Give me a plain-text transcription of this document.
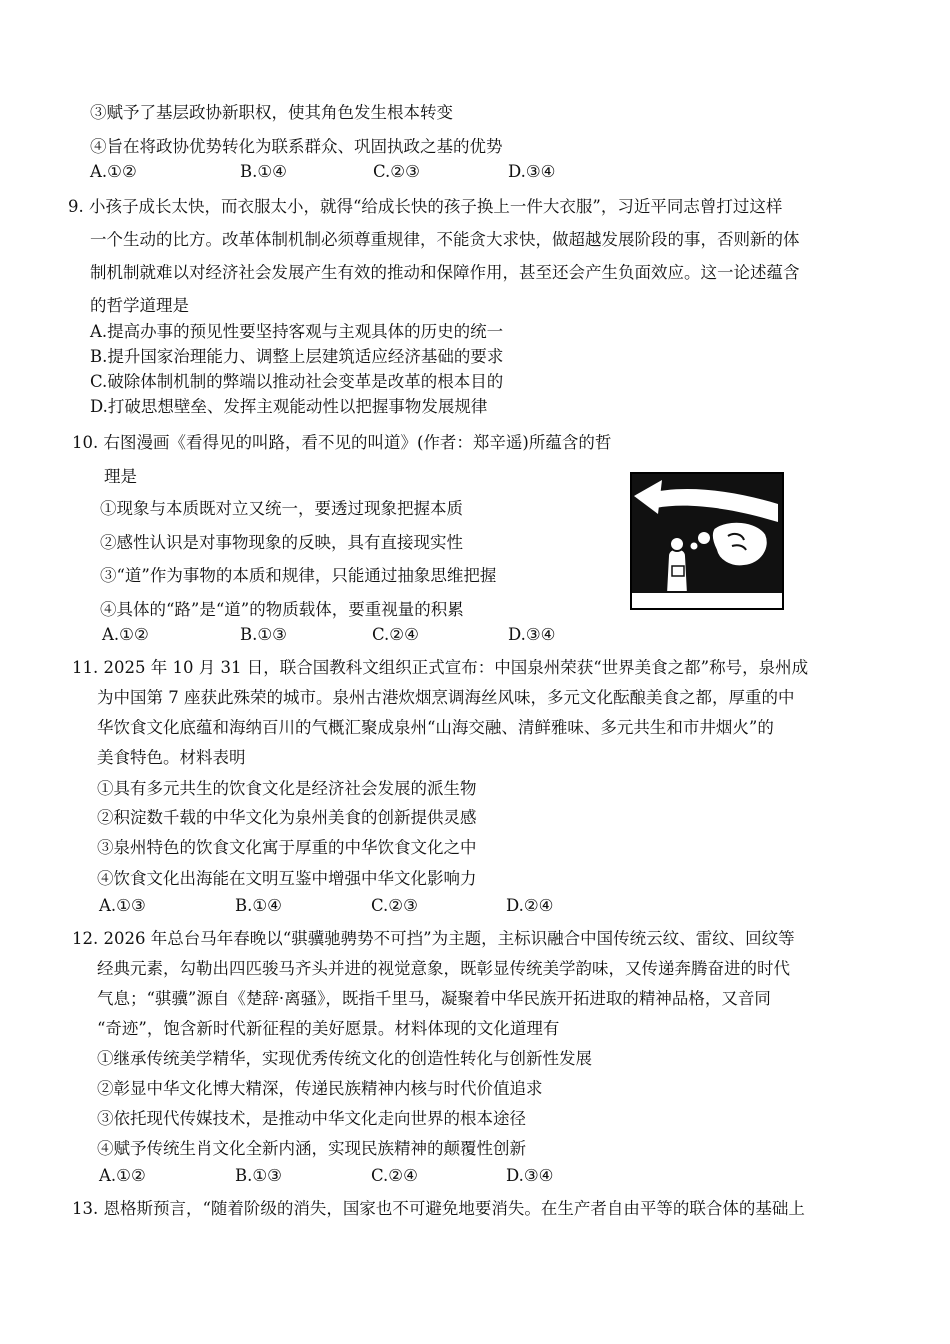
③赋予了基层政协新职权，使其角色发生根本转变
④旨在将政协优势转化为联系群众、巩固执政之基的优势
A.①②	B.①④	C.②③	D.③④
9. 小孩子成长太快，而衣服太小，就得“给成长快的孩子换上一件大衣服”，习近平同志曾打过这样
一个生动的比方。改革体制机制必须尊重规律，不能贪大求快，做超越发展阶段的事，否则新的体
制机制就难以对经济社会发展产生有效的推动和保障作用，甚至还会产生负面效应。这一论述蕴含
的哲学道理是
A.提高办事的预见性要坚持客观与主观具体的历史的统一
B.提升国家治理能力、调整上层建筑适应经济基础的要求
C.破除体制机制的弊端以推动社会变革是改革的根本目的
D.打破思想壁垒、发挥主观能动性以把握事物发展规律
10. 右图漫画《看得见的叫路，看不见的叫道》(作者：郑辛遥)所蕴含的哲
理是
①现象与本质既对立又统一，要透过现象把握本质
②感性认识是对事物现象的反映，具有直接现实性
③“道”作为事物的本质和规律，只能通过抽象思维把握
④具体的“路”是“道”的物质载体，要重视量的积累
A.①②	B.①③	C.②④	D.③④
11. 2025 年 10 月 31 日，联合国教科文组织正式宣布：中国泉州荣获“世界美食之都”称号，泉州成
为中国第 7 座获此殊荣的城市。泉州古港炊烟烹调海丝风味，多元文化酝酿美食之都，厚重的中
华饮食文化底蕴和海纳百川的气概汇聚成泉州“山海交融、清鲜雅味、多元共生和市井烟火”的
美食特色。材料表明
①具有多元共生的饮食文化是经济社会发展的派生物
②积淀数千载的中华文化为泉州美食的创新提供灵感
③泉州特色的饮食文化寓于厚重的中华饮食文化之中
④饮食文化出海能在文明互鉴中增强中华文化影响力
A.①③	B.①④	C.②③	D.②④
12. 2026 年总台马年春晚以“骐骥驰骋势不可挡”为主题，主标识融合中国传统云纹、雷纹、回纹等
经典元素，勾勒出四匹骏马齐头并进的视觉意象，既彰显传统美学韵味，又传递奔腾奋进的时代
气息；“骐骥”源自《楚辞·离骚》，既指千里马，凝聚着中华民族开拓进取的精神品格，又音同
“奇迹”，饱含新时代新征程的美好愿景。材料体现的文化道理有
①继承传统美学精华，实现优秀传统文化的创造性转化与创新性发展
②彰显中华文化博大精深，传递民族精神内核与时代价值追求
③依托现代传媒技术，是推动中华文化走向世界的根本途径
④赋予传统生肖文化全新内涵，实现民族精神的颠覆性创新
A.①②	B.①③	C.②④	D.③④
13. 恩格斯预言，“随着阶级的消失，国家也不可避免地要消失。在生产者自由平等的联合体的基础上
